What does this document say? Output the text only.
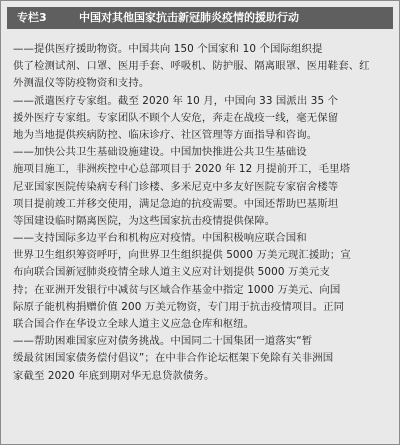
专栏3	中国对其他国家抗击新冠肺炎疫情的援助行动
——提供医疗援助物资。中国共向 150 个国家和 10 个国际组织提
供了检测试剂、口罩、医用手套、呼吸机、防护服、隔离眼罩、医用鞋套、红
外测温仪等防疫物资和支持。
——派遣医疗专家组。截至 2020 年 10 月，中国向 33 国派出 35 个
援外医疗专家组。专家团队不顾个人安危，奔走在战疫一线，毫无保留
地为当地提供疾病防控、临床诊疗、社区管理等方面指导和咨询。
——加快公共卫生基础设施建设。中国加快推进公共卫生基础设
施项目施工，非洲疾控中心总部项目于 2020 年 12 月提前开工，毛里塔
尼亚国家医院传染病专科门诊楼、多米尼克中多友好医院专家宿舍楼等
项目提前竣工并移交使用，满足急迫的抗疫需要。中国还帮助巴基斯坦
等国建设临时隔离医院，为这些国家抗击疫情提供保障。
——支持国际多边平台和机构应对疫情。中国积极响应联合国和
世界卫生组织筹资呼吁，向世界卫生组织提供 5000 万美元现汇援助；宣
布向联合国新冠肺炎疫情全球人道主义应对计划提供 5000 万美元支
持；在亚洲开发银行中减贫与区域合作基金中指定 1000 万美元、向国
际原子能机构捐赠价值 200 万美元物资，专门用于抗击疫情项目。正同
联合国合作在华设立全球人道主义应急仓库和枢纽。
——帮助困难国家应对债务挑战。中国同二十国集团一道落实“暂
缓最贫困国家债务偿付倡议”；在中非合作论坛框架下免除有关非洲国
家截至 2020 年底到期对华无息贷款债务。
